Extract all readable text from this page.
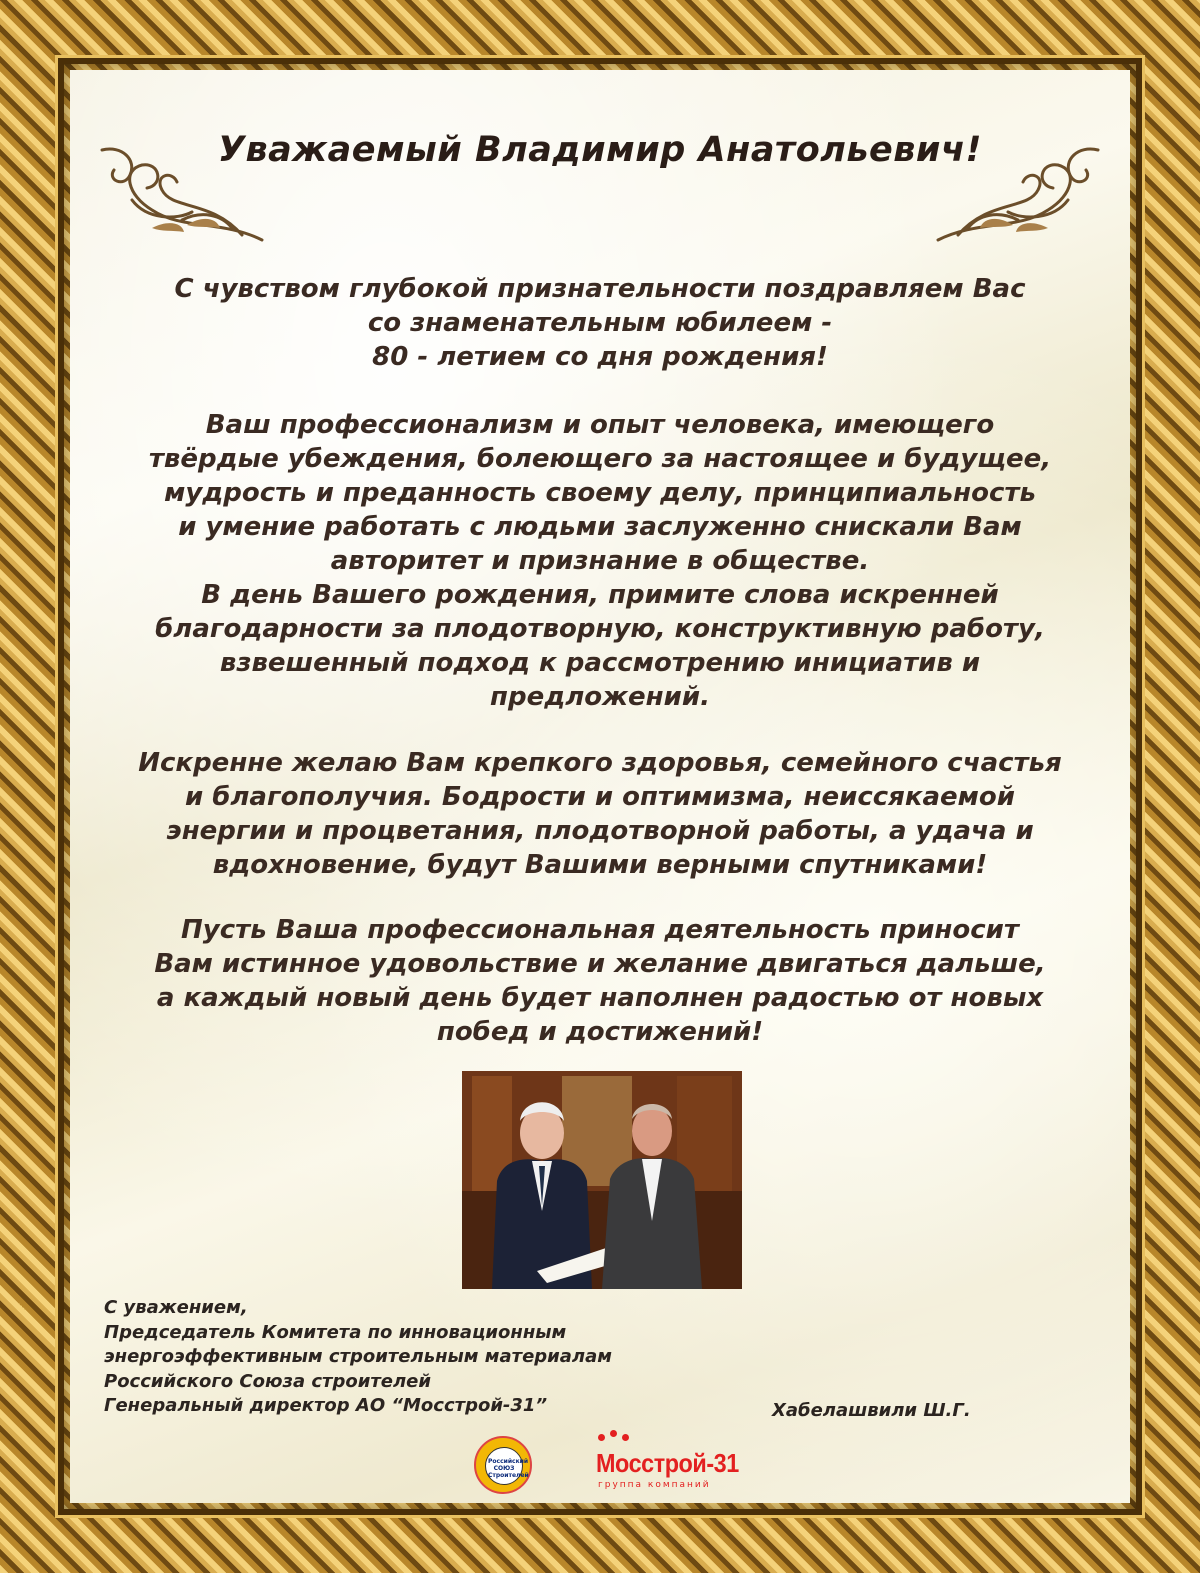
Уважаемый Владимир Анатольевич!

С чувством глубокой признательности поздравляем Вас
со знаменательным юбилеем -
80 - летием со дня рождения!

Ваш профессионализм и опыт человека, имеющего
твёрдые убеждения, болеющего за настоящее и будущее,
мудрость и преданность своему делу, принципиальность
и умение работать с людьми заслуженно снискали Вам
авторитет и признание в обществе.
В день Вашего рождения, примите слова искренней
благодарности за плодотворную, конструктивную работу,
взвешенный подход к рассмотрению инициатив и
предложений.

Искренне желаю Вам крепкого здоровья, семейного счастья
и благополучия. Бодрости и оптимизма, неиссякаемой
энергии и процветания, плодотворной работы, а удача и
вдохновение, будут Вашими верными спутниками!

Пусть Ваша профессиональная деятельность приносит
Вам истинное удовольствие и желание двигаться дальше,
а каждый новый день будет наполнен радостью от новых
побед и достижений!

С уважением,
Председатель Комитета по инновационным
энергоэффективным строительным материалам
Российского Союза строителей
Генеральный директор АО “Мосстрой-31”	Хабелашвили Ш.Г.
Российский СОЮЗ Строителей	Мосстрой-31
группа компаний
